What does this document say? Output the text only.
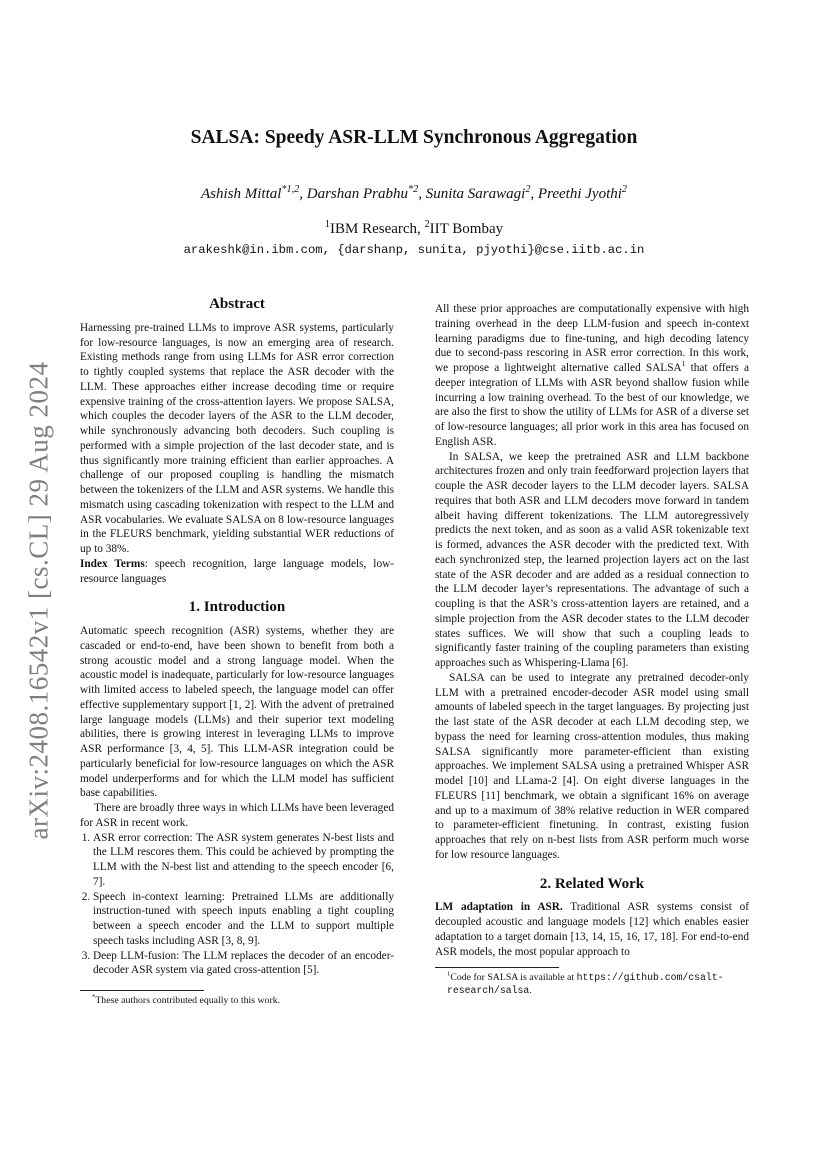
arXiv:2408.16542v1 [cs.CL] 29 Aug 2024
SALSA: Speedy ASR-LLM Synchronous Aggregation
Ashish Mittal$^{*1,2}$, Darshan Prabhu$^{*2}$, Sunita Sarawagi$^2$, Preethi Jyothi$^2$
$^1$IBM Research, $^2$IIT Bombay
arakeshk@in.ibm.com, {darshanp, sunita, pjyothi}@cse.iitb.ac.in
Abstract

Harnessing pre-trained LLMs to improve ASR systems, particularly for low-resource languages, is now an emerging area of research. Existing methods range from using LLMs for ASR error correction to tightly coupled systems that replace the ASR decoder with the LLM. These approaches either increase decoding time or require expensive training of the cross-attention layers. We propose SALSA, which couples the decoder layers of the ASR to the LLM decoder, while synchronously advancing both decoders. Such coupling is performed with a simple projection of the last decoder state, and is thus significantly more training efficient than earlier approaches. A challenge of our proposed coupling is handling the mismatch between the tokenizers of the LLM and ASR systems. We handle this mismatch using cascading tokenization with respect to the LLM and ASR vocabularies. We evaluate SALSA on 8 low-resource languages in the FLEURS benchmark, yielding substantial WER reductions of up to 38%.

Index Terms: speech recognition, large language models, low-resource languages

1. Introduction

Automatic speech recognition (ASR) systems, whether they are cascaded or end-to-end, have been shown to benefit from both a strong acoustic model and a strong language model. When the acoustic model is inadequate, particularly for low-resource languages with limited access to labeled speech, the language model can offer effective supplementary support [1, 2]. With the advent of pretrained large language models (LLMs) and their superior text modeling abilities, there is growing interest in leveraging LLMs to improve ASR performance [3, 4, 5]. This LLM-ASR integration could be particularly beneficial for low-resource languages on which the ASR model underperforms and for which the LLM model has sufficient base capabilities.

There are broadly three ways in which LLMs have been leveraged for ASR in recent work.

1. ASR error correction: The ASR system generates N-best lists and the LLM rescores them. This could be achieved by prompting the LLM with the N-best list and attending to the speech encoder [6, 7].
2. Speech in-context learning: Pretrained LLMs are additionally instruction-tuned with speech inputs enabling a tight coupling between a speech encoder and the LLM to support multiple speech tasks including ASR [3, 8, 9].
3. Deep LLM-fusion: The LLM replaces the decoder of an encoder-decoder ASR system via gated cross-attention [5].
*These authors contributed equally to this work.

All these prior approaches are computationally expensive with high training overhead in the deep LLM-fusion and speech in-context learning paradigms due to fine-tuning, and high decoding latency due to second-pass rescoring in ASR error correction. In this work, we propose a lightweight alternative called SALSA$^1$ that offers a deeper integration of LLMs with ASR beyond shallow fusion while incurring a low training overhead. To the best of our knowledge, we are also the first to show the utility of LLMs for ASR of a diverse set of low-resource languages; all prior work in this area has focused on English ASR.

In SALSA, we keep the pretrained ASR and LLM backbone architectures frozen and only train feedforward projection layers that couple the ASR decoder layers to the LLM decoder layers. SALSA requires that both ASR and LLM decoders move forward in tandem albeit having different tokenizations. The LLM autoregressively predicts the next token, and as soon as a valid ASR tokenizable text is formed, advances the ASR decoder with the predicted text. With each synchronized step, the learned projection layers act on the last state of the ASR decoder and are added as a residual connection to the LLM decoder layer’s representations. The advantage of such a coupling is that the ASR’s cross-attention layers are retained, and a simple projection from the ASR decoder states to the LLM decoder states suffices. We will show that such a coupling leads to significantly faster training of the coupling parameters than existing approaches such as Whispering-Llama [6].

SALSA can be used to integrate any pretrained decoder-only LLM with a pretrained encoder-decoder ASR model using small amounts of labeled speech in the target languages. By projecting just the last state of the ASR decoder at each LLM decoding step, we bypass the need for learning cross-attention modules, thus making SALSA significantly more parameter-efficient than existing approaches. We implement SALSA using a pretrained Whisper ASR model [10] and LLama-2 [4]. On eight diverse languages in the FLEURS [11] benchmark, we obtain a significant 16% on average and up to a maximum of 38% relative reduction in WER compared to parameter-efficient finetuning. In contrast, existing fusion approaches that rely on n-best lists from ASR perform much worse for low resource languages.

2. Related Work

LM adaptation in ASR. Traditional ASR systems consist of decoupled acoustic and language models [12] which enables easier adaptation to a target domain [13, 14, 15, 16, 17, 18]. For end-to-end ASR models, the most popular approach to

$^1$Code for SALSA is available at https://github.com/csalt-research/salsa.
